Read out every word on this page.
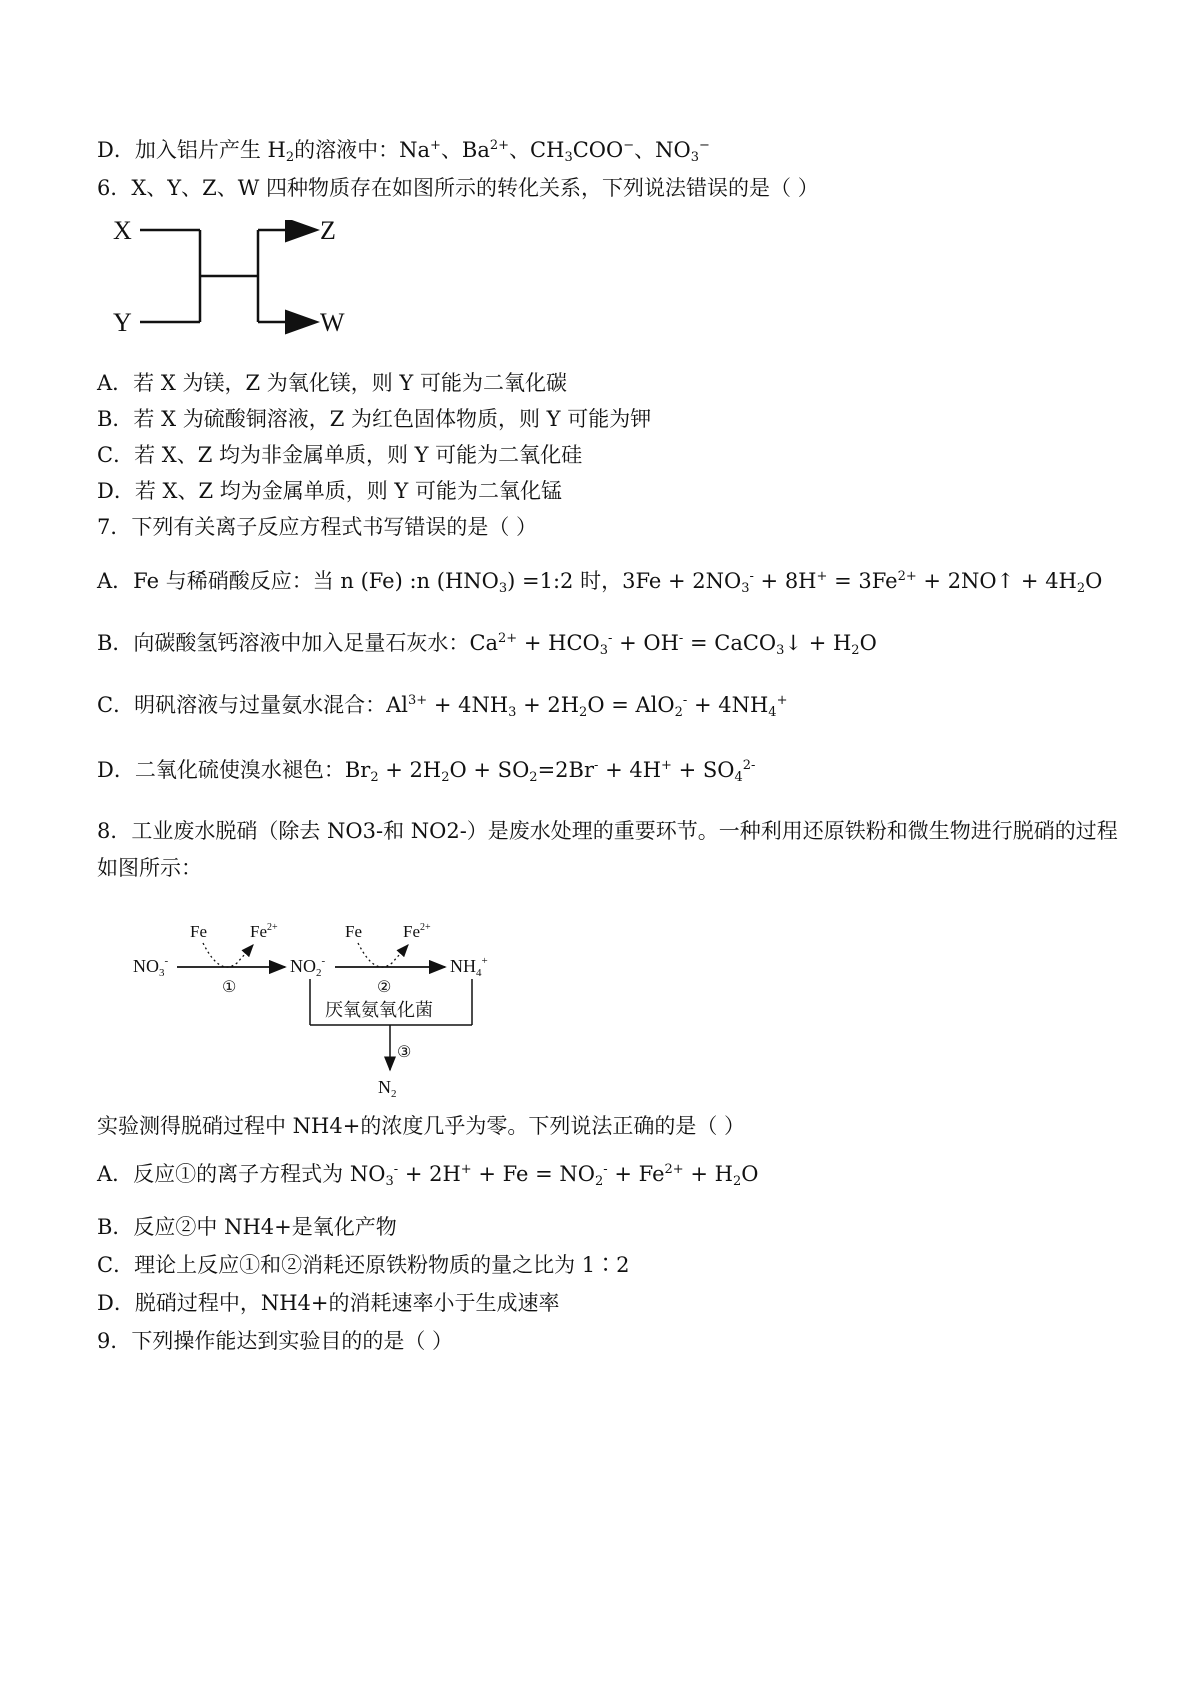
D．加入铝片产生 $H_2$的溶液中：Na+、$Ba^{2+}$、$CH_3COO^-$、$NO_3^-$
6．X、Y、Z、W 四种物质存在如图所示的转化关系，下列说法错误的是（ ）
X
Y
Z
W
A．若 X 为镁，Z 为氧化镁，则 Y 可能为二氧化碳
B．若 X 为硫酸铜溶液，Z 为红色固体物质，则 Y 可能为钾
C．若 X、Z 均为非金属单质，则 Y 可能为二氧化硅
D．若 X、Z 均为金属单质，则 Y 可能为二氧化锰
7．下列有关离子反应方程式书写错误的是（ ）
A．Fe 与稀硝酸反应：当 n (Fe) :n $(HNO_3)$ =1:2 时，$3Fe + 2NO_3^- + 8H^+ = 3Fe^{2+}$ + 2NO↑ + $4H_2O$
B．向碳酸氢钙溶液中加入足量石灰水：$Ca^{2+} + HCO_3^- + OH^-$ = CaCO$_3$↓ + $H_2O$
C．明矾溶液与过量氨水混合：$Al^{3+} + 4NH_3 + 2H_2O = AlO_2^- + 4NH_4^+$
D．二氧化硫使溴水褪色：$Br_2 + 2H_2O + SO_2=2Br^- + 4H^+ + SO_4^{2-}$
8．工业废水脱硝（除去 NO3-和 NO2-）是废水处理的重要环节。一种利用还原铁粉和微生物进行脱硝的过程
如图所示：
$NO_3^-$	$NO_2^-$	$NH_4^+$
Fe	$Fe^{2+}$	Fe $Fe^{2+}$
①	②
厌氧氨氧化菌
③
$N_2$
实验测得脱硝过程中 NH4+的浓度几乎为零。下列说法正确的是（ ）
A．反应①的离子方程式为 $NO_3^- + 2H^+ + Fe = NO_2^- + Fe^{2+} + H_2O$
B．反应②中 NH4+是氧化产物
C．理论上反应①和②消耗还原铁粉物质的量之比为 1∶2
D．脱硝过程中，NH4+的消耗速率小于生成速率
9．下列操作能达到实验目的的是（ ）
